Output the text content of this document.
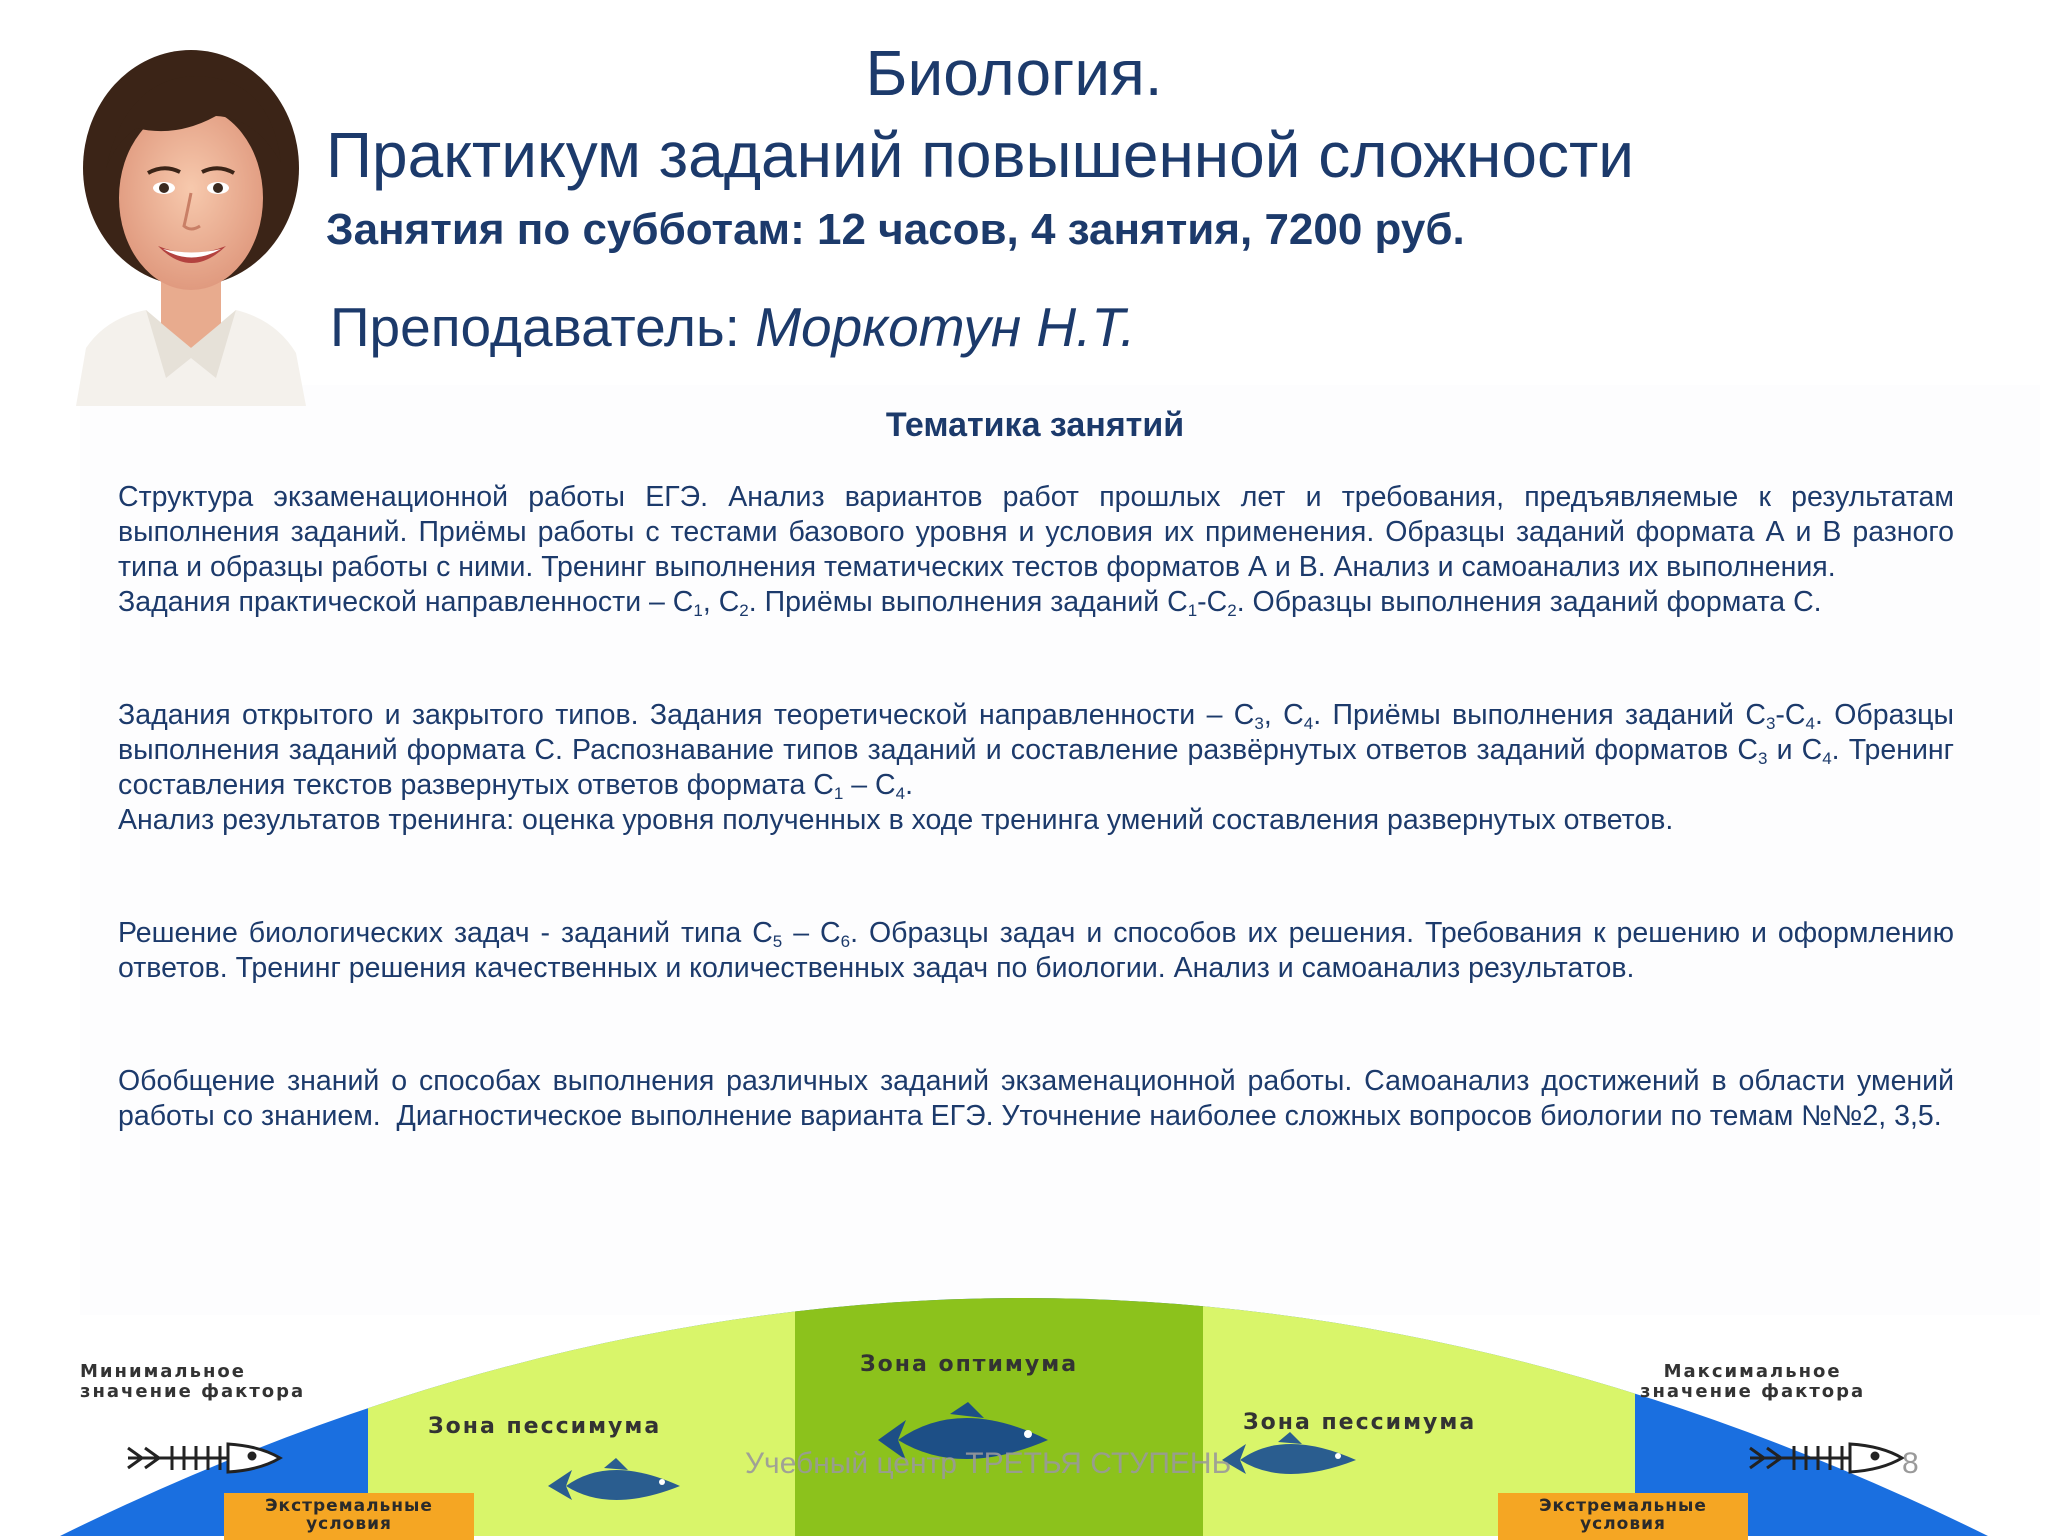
Биология.
Практикум заданий повышенной сложности
Занятия по субботам: 12 часов, 4 занятия, 7200 руб.
Преподаватель: Моркотун Н.Т.
Тематика занятий

Структура экзаменационной работы ЕГЭ. Анализ вариантов работ прошлых лет и требования, предъявляемые к результатам выполнения заданий. Приёмы работы с тестами базового уровня и условия их применения. Образцы заданий формата А и В разного типа и образцы работы с ними. Тренинг выполнения тематических тестов форматов А и В. Анализ и самоанализ их выполнения.

Задания практической направленности – $С_1$, $С_2$. Приёмы выполнения заданий $С_1-С_2$. Образцы выполнения заданий формата С.

Задания открытого и закрытого типов. Задания теоретической направленности – $С_3$, $С_4$. Приёмы выполнения заданий $С_3-С_4$. Образцы выполнения заданий формата С. Распознавание типов заданий и составление развёрнутых ответов заданий форматов $С_3$ и $С_4$. Тренинг составления текстов развернутых ответов формата $С_1 - С_4$.

Анализ результатов тренинга: оценка уровня полученных в ходе тренинга умений составления развернутых ответов.

Решение биологических задач - заданий типа $С_5 - С_6$. Образцы задач и способов их решения. Требования к решению и оформлению ответов. Тренинг решения качественных и количественных задач по биологии. Анализ и самоанализ результатов.

Обобщение знаний о способах выполнения различных заданий экзаменационной работы. Самоанализ достижений в области умений работы со знанием.  Диагностическое выполнение варианта ЕГЭ. Уточнение наиболее сложных вопросов биологии по темам №№2, 3,5.

Минимальное
значение фактора
Максимальное
значение фактора
Зона пессимума	Зона пессимума
Зона оптимума
Экстремальные
условия
Экстремальные
условия
Учебный центр ТРЕТЬЯ СТУПЕНЬ	8
